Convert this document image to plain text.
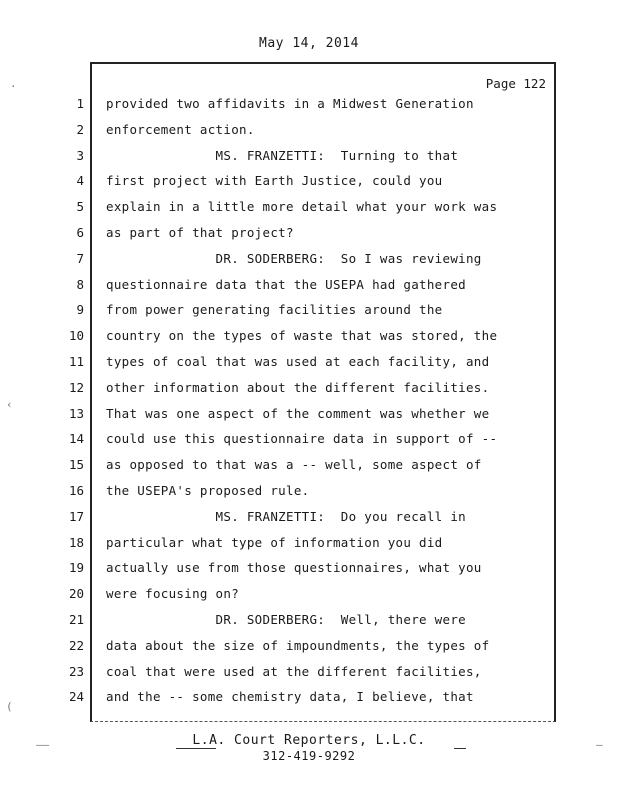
May 14, 2014
Page 122
1 provided two affidavits in a Midwest Generation
2 enforcement action.
3 MS. FRANZETTI:  Turning to that
4 first project with Earth Justice, could you
5 explain in a little more detail what your work was
6 as part of that project?
7 DR. SODERBERG:  So I was reviewing
8 questionnaire data that the USEPA had gathered
9 from power generating facilities around the
10 country on the types of waste that was stored, the
11 types of coal that was used at each facility, and
12 other information about the different facilities.
13 That was one aspect of the comment was whether we
14 could use this questionnaire data in support of --
15 as opposed to that was a -- well, some aspect of
16 the USEPA's proposed rule.
17 MS. FRANZETTI:  Do you recall in
18 particular what type of information you did
19 actually use from those questionnaires, what you
20 were focusing on?
21 DR. SODERBERG:  Well, there were
22 data about the size of impoundments, the types of
23 coal that were used at the different facilities,
24 and the -- some chemistry data, I believe, that
L.A. Court Reporters, L.L.C.
312-419-9292
·
‹
(
—
——
